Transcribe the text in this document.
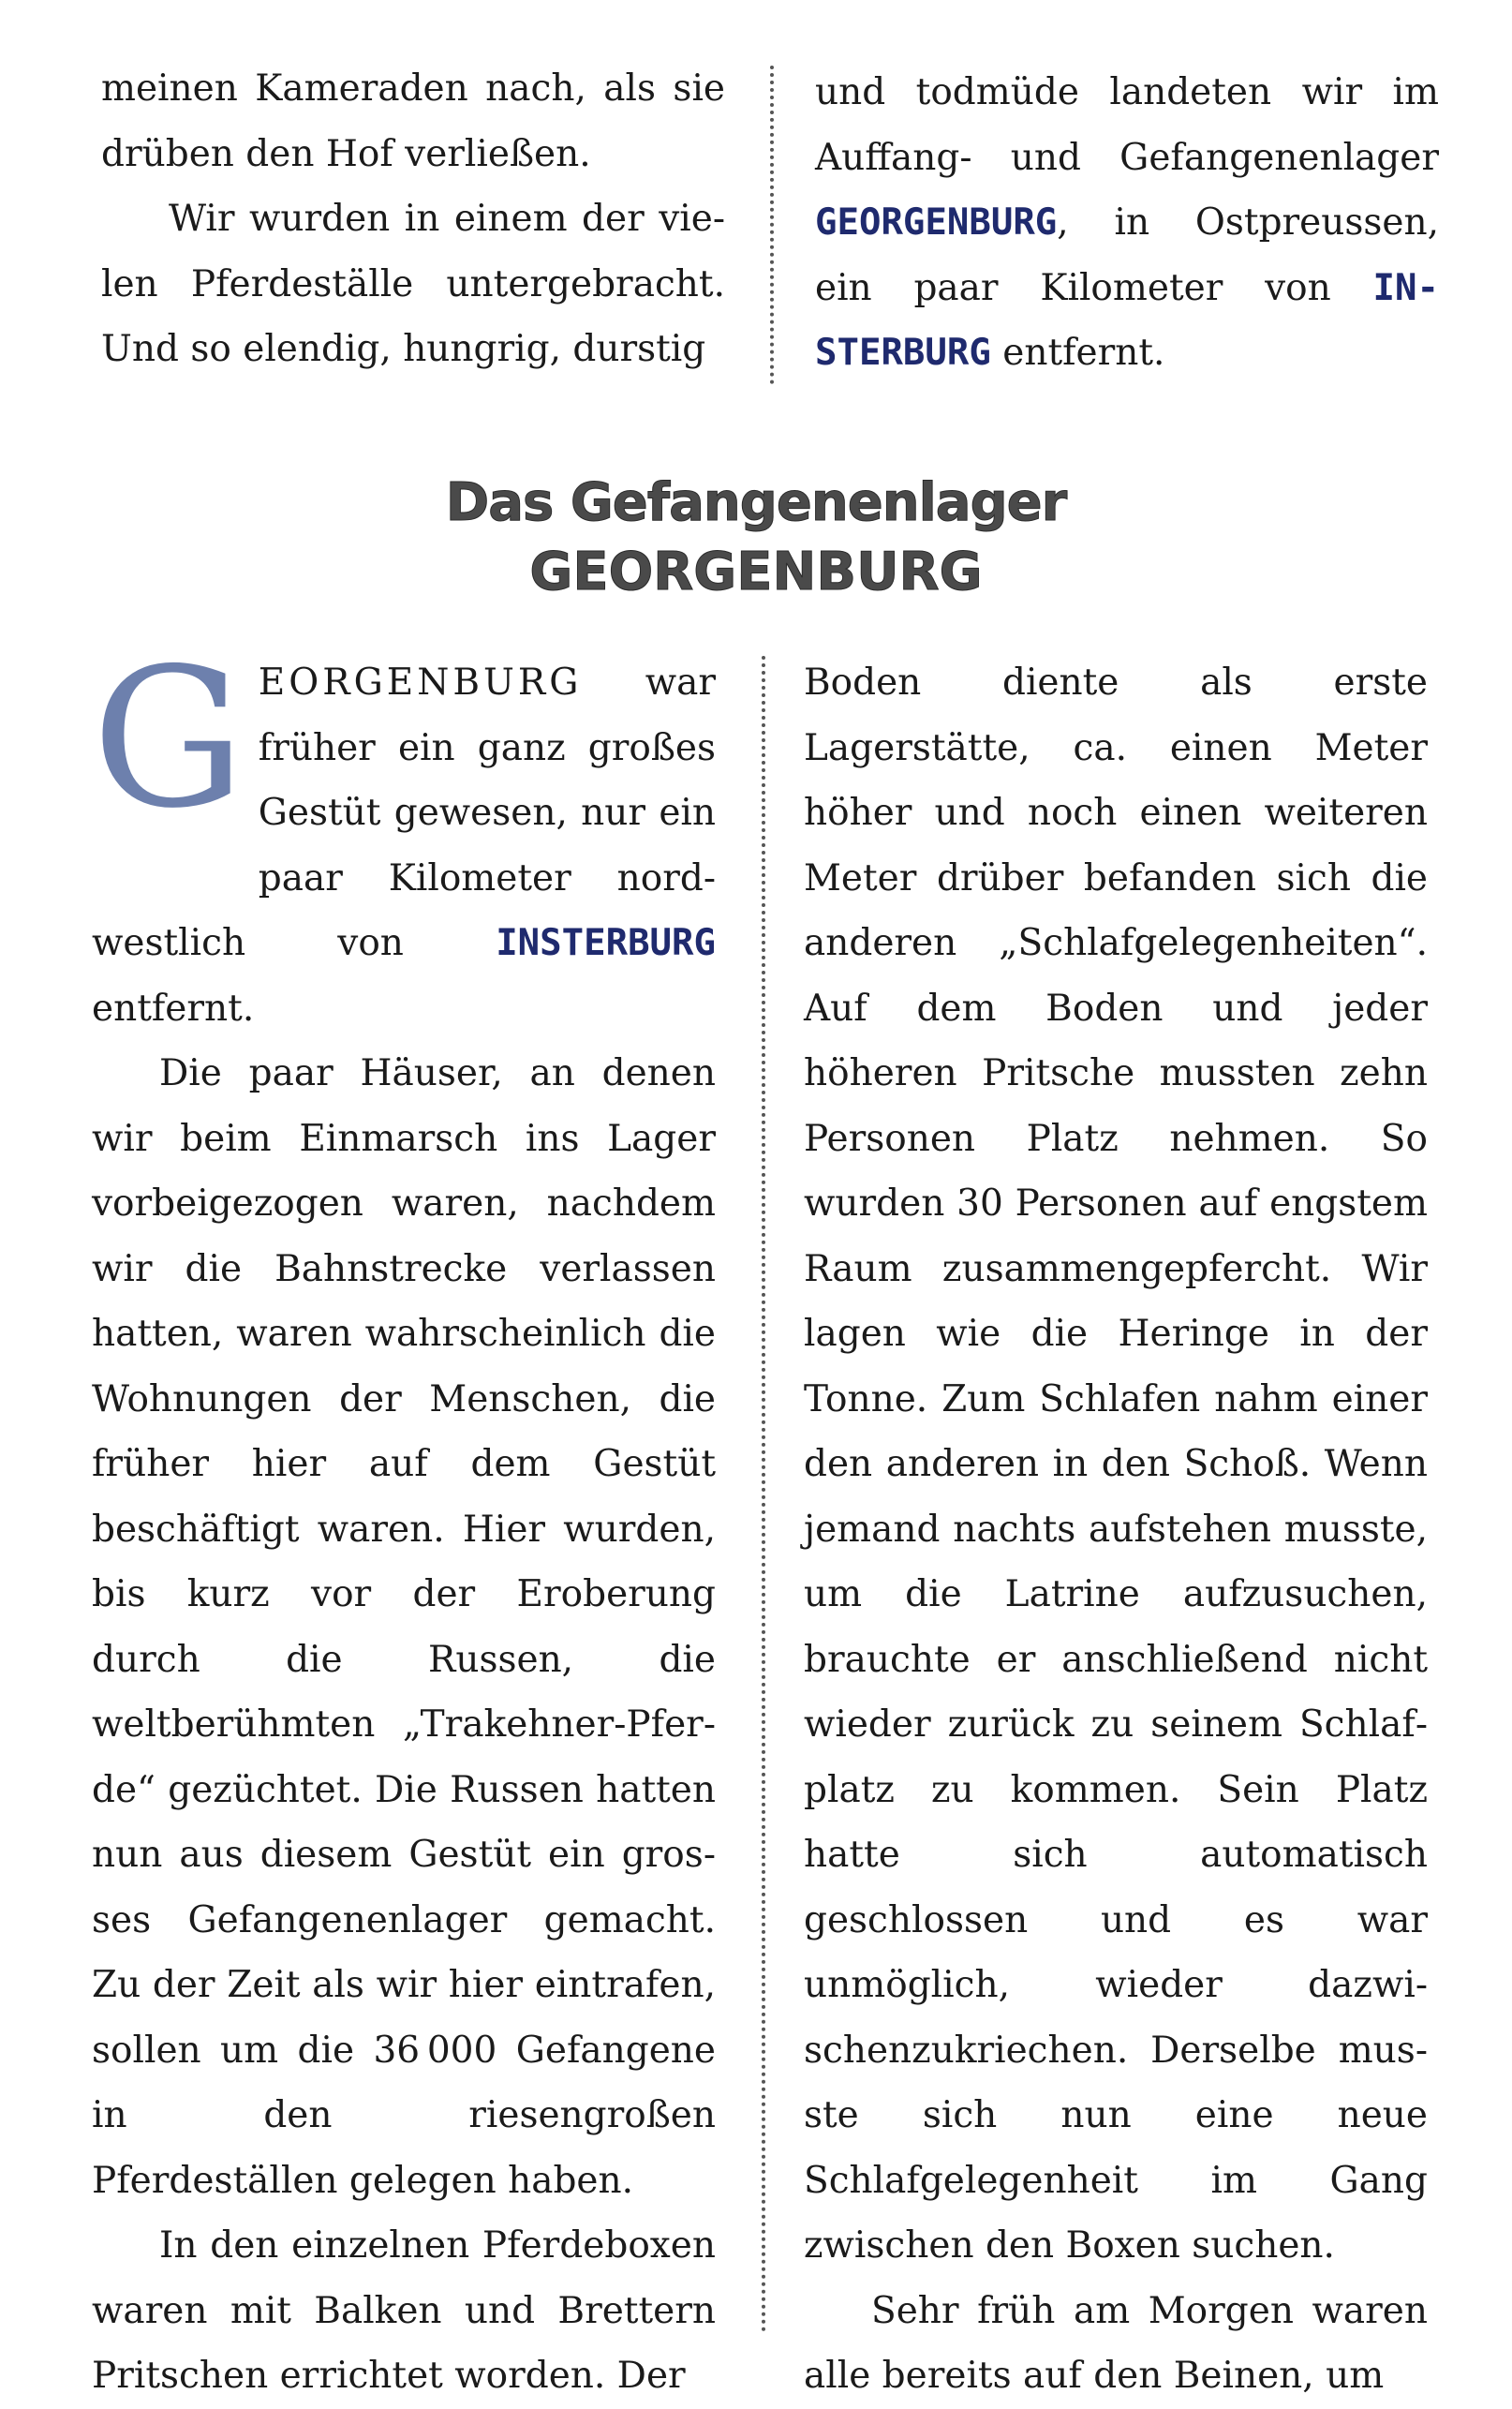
meinen Kameraden nach, als sie drüben den Hof verließen.

Wir wurden in einem der vielen Pferdeställe untergebracht. Und so elendig, hungrig, durstig

und todmüde landeten wir im Auffang- und Gefangenenlager GEORGENBURG, in Ostpreussen, ein paar Kilometer von INSTERBURG entfernt.

Das Gefangenenlager
GEORGENBURG

GEORGENBURG war früher ein ganz großes Gestüt gewesen, nur ein paar Kilometer nord-westlich von	INSTERBURG entfernt.

Die paar Häuser, an denen wir beim Einmarsch ins Lager vorbeigezogen waren, nachdem wir die Bahnstrecke verlassen hatten, waren wahrscheinlich die Wohnungen der Menschen, die früher hier auf dem Gestüt beschäftigt waren. Hier wurden, bis kurz vor der Eroberung durch die Russen, die weltberühmten „Trakehner-Pferde“ gezüchtet. Die Russen hatten nun aus diesem Gestüt ein grosses Gefangenenlager gemacht. Zu der Zeit als wir hier eintrafen, sollen um die 36 000 Gefangene in den riesengroßen Pferdeställen gelegen haben.

In den einzelnen Pferdeboxen waren mit Balken und Brettern Pritschen errichtet worden. Der

Boden diente als erste Lagerstätte, ca. einen Meter höher und noch einen weiteren Meter drüber befanden sich die anderen „Schlafgelegenheiten“. Auf dem Boden und jeder höheren Pritsche mussten zehn Personen Platz nehmen. So wurden 30 Personen auf engstem Raum zusammengepfercht. Wir lagen wie die Heringe in der Tonne. Zum Schlafen nahm einer den anderen in den Schoß. Wenn jemand nachts aufstehen musste, um die Latrine aufzusuchen, brauchte er anschließend nicht wieder zurück zu seinem Schlafplatz zu kommen. Sein Platz hatte sich automatisch geschlossen und es war unmöglich, wieder dazwischenzukriechen. Derselbe musste sich nun eine neue Schlafgelegenheit im Gang zwischen den Boxen suchen.

Sehr früh am Morgen waren alle bereits auf den Beinen, um
